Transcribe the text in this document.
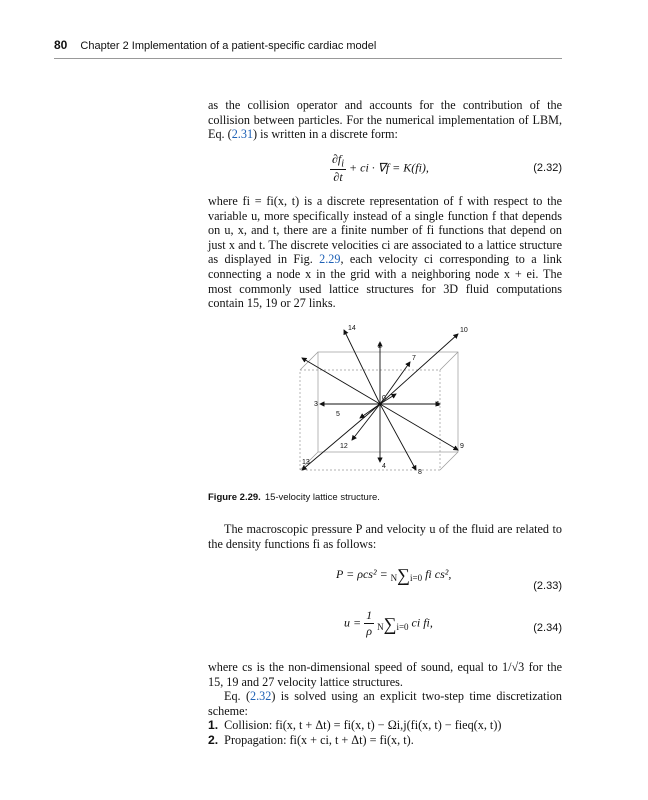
80 Chapter 2 Implementation of a patient-specific cardiac model
as the collision operator and accounts for the contribution of the collision between particles. For the numerical implementation of LBM, Eq. (2.31) is written in a discrete form:
$\frac{\partial f_i}{\partial t}$ + ci · ∇f = K(fi),	(2.32)
where fi = fi(x, t) is a discrete representation of f with respect to the variable u, more specifically instead of a single function f that depends on u, x, and t, there are a finite number of fi functions that depend on just x and t. The discrete velocities ci are associated to a lattice structure as displayed in Fig. 2.29, each velocity ci corresponding to a link connecting a node x in the grid with a neighboring node x + ei. The most commonly used lattice structures for 3D fluid computations contain 15, 19 or 27 links.
14	10
2
7
0
3	1
5
12	9
13
4
8
Figure 2.29. 15-velocity lattice structure.
The macroscopic pressure P and velocity u of the fluid are related to the density functions fi as follows:
P = ρcs² = N∑i=0 fi cs²,
(2.33)
$u = \frac{1}{\rho} N\sum i=0$ ci fi,	(2.34)
where cs is the non-dimensional speed of sound, equal to 1/√3 for the 15, 19 and 27 velocity lattice structures.
Eq. (2.32) is solved using an explicit two-step time discretization scheme:
1. Collision: fi(x, t + Δt) = fi(x, t) − Ωi,j(fi(x, t) − fieq(x, t))
2. Propagation: fi(x + ci, t + Δt) = fi(x, t).
